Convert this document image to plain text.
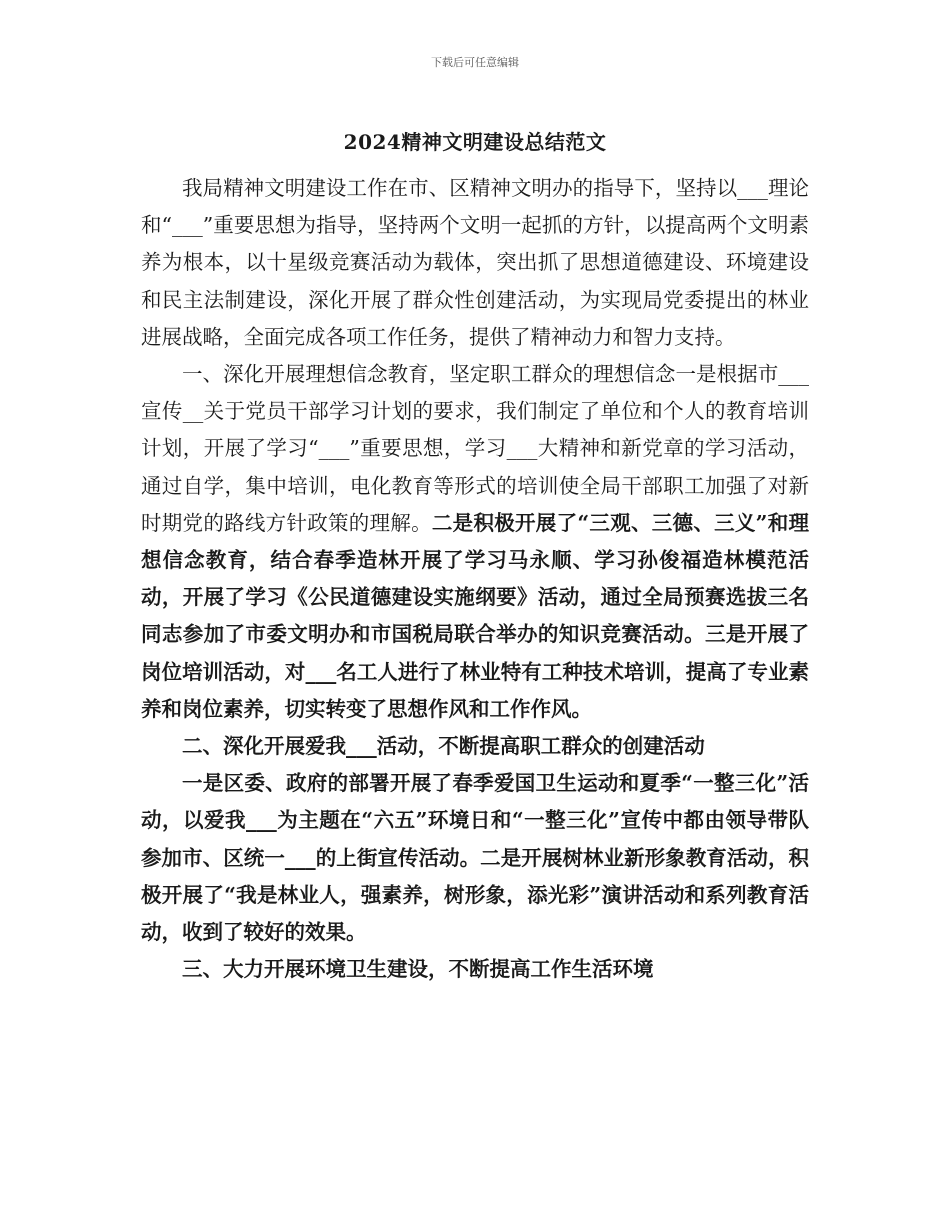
下载后可任意编辑
2024精神文明建设总结范文

我局精神文明建设工作在市、区精神文明办的指导下，坚持以___理论和“___”重要思想为指导，坚持两个文明一起抓的方针，以提高两个文明素养为根本，以十星级竞赛活动为载体，突出抓了思想道德建设、环境建设和民主法制建设，深化开展了群众性创建活动，为实现局党委提出的林业进展战略，全面完成各项工作任务，提供了精神动力和智力支持。

一、深化开展理想信念教育，坚定职工群众的理想信念一是根据市___宣传__关于党员干部学习计划的要求，我们制定了单位和个人的教育培训计划，开展了学习“___”重要思想，学习___大精神和新党章的学习活动，通过自学，集中培训，电化教育等形式的培训使全局干部职工加强了对新时期党的路线方针政策的理解。二是积极开展了“三观、三德、三义”和理想信念教育，结合春季造林开展了学习马永顺、学习孙俊福造林模范活动，开展了学习《公民道德建设实施纲要》活动，通过全局预赛选拔三名同志参加了市委文明办和市国税局联合举办的知识竞赛活动。三是开展了岗位培训活动，对___名工人进行了林业特有工种技术培训，提高了专业素养和岗位素养，切实转变了思想作风和工作作风。

二、深化开展爱我___活动，不断提高职工群众的创建活动

一是区委、政府的部署开展了春季爱国卫生运动和夏季“一整三化”活动，以爱我___为主题在“六五”环境日和“一整三化”宣传中都由领导带队参加市、区统一___的上街宣传活动。二是开展树林业新形象教育活动，积极开展了“我是林业人，强素养，树形象，添光彩”演讲活动和系列教育活动，收到了较好的效果。

三、大力开展环境卫生建设，不断提高工作生活环境
